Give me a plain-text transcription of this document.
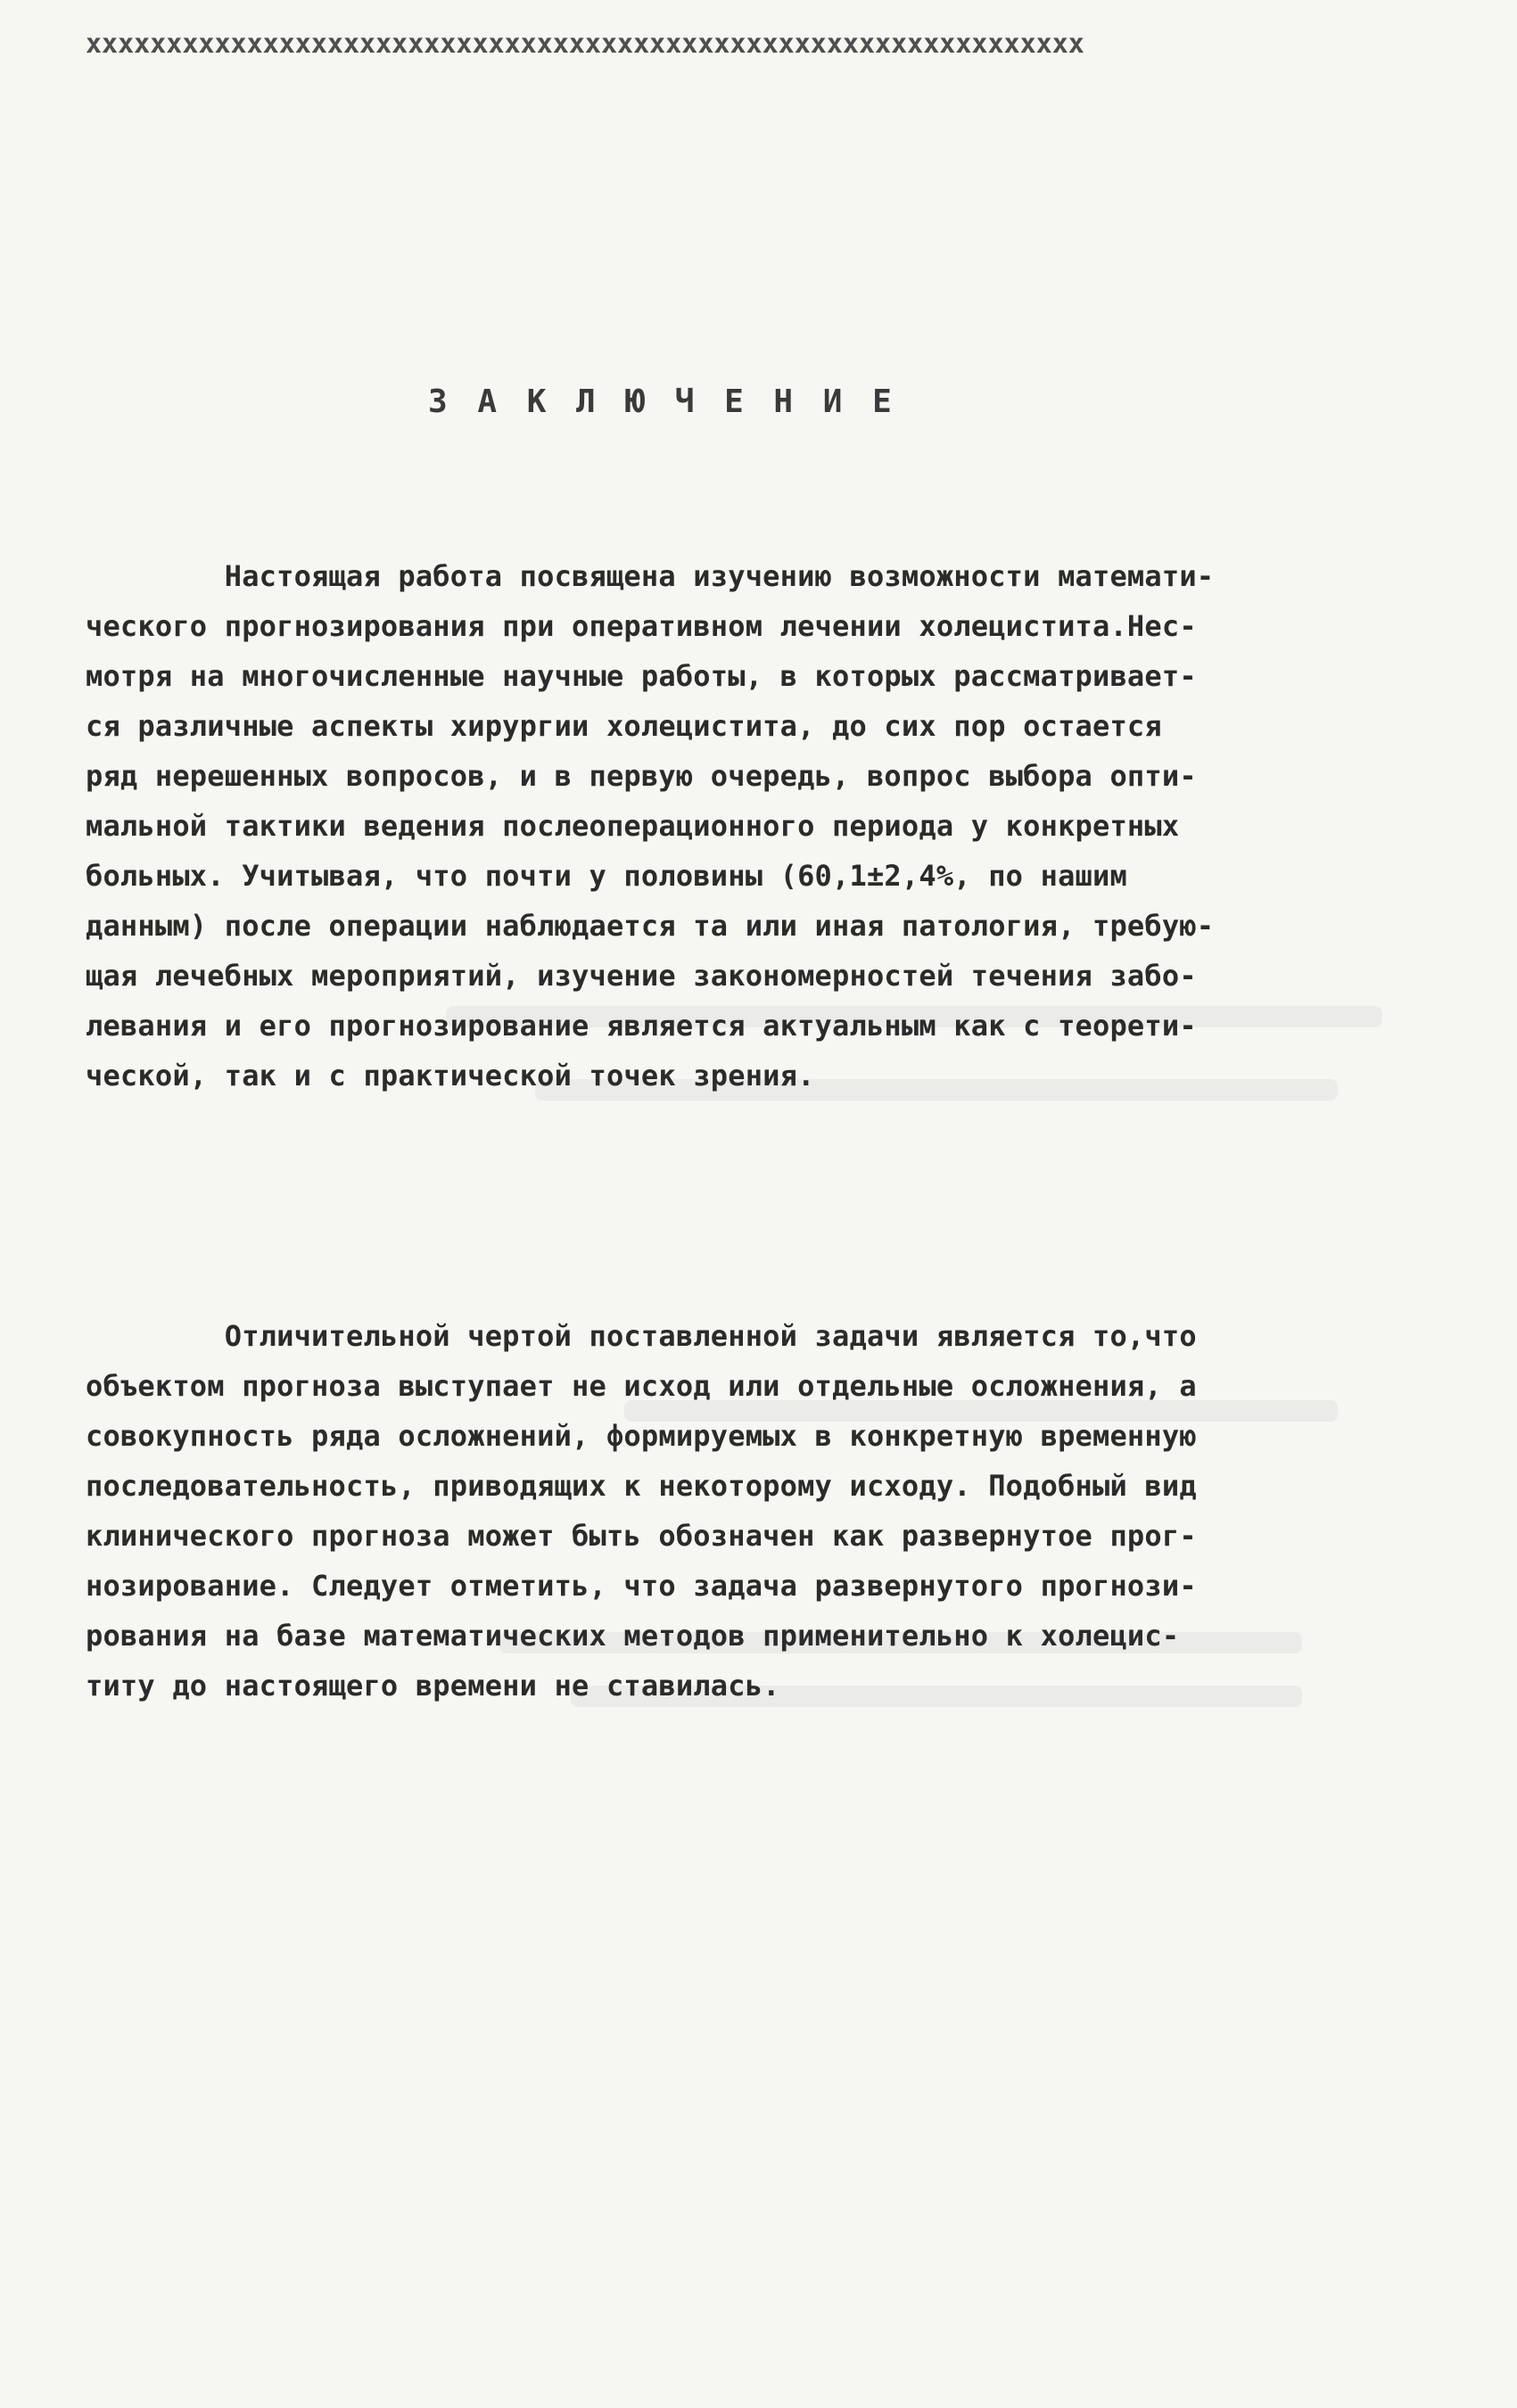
хххххххххххххххххххххххххххххххххххххххххххххххххххххххххххххх
З А К Л Ю Ч Е Н И Е
Настоящая работа посвящена изучению возможности математи-
ческого прогнозирования при оперативном лечении холецистита.Нес-
мотря на многочисленные научные работы, в которых рассматривает-
ся различные аспекты хирургии холецистита, до сих пор остается
ряд нерешенных вопросов, и в первую очередь, вопрос выбора опти-
мальной тактики ведения послеоперационного периода у конкретных
больных. Учитывая, что почти у половины (60,1±2,4%, по нашим
данным) после операции наблюдается та или иная патология, требую-
щая лечебных мероприятий, изучение закономерностей течения забо-
левания и его прогнозирование является актуальным как с теорети-
ческой, так и с практической точек зрения.
Отличительной чертой поставленной задачи является то,что
объектом прогноза выступает не исход или отдельные осложнения, а
совокупность ряда осложнений, формируемых в конкретную временную
последовательность, приводящих к некоторому исходу. Подобный вид
клинического прогноза может быть обозначен как развернутое прог-
нозирование. Следует отметить, что задача развернутого прогнози-
рования на базе математических методов применительно к холецис-
титу до настоящего времени не ставилась.
